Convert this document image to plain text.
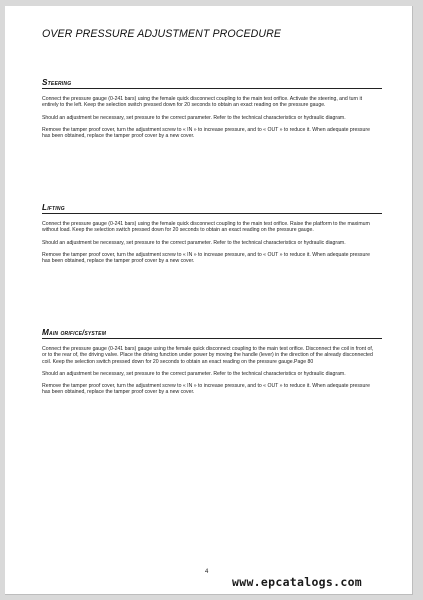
OVER PRESSURE ADJUSTMENT PROCEDURE
Steering

Connect the pressure gauge (0-241 bars) using the female quick disconnect coupling to the main test orifice. Activate the steering, and turn it entirely to the left. Keep the selection switch pressed down for 20 seconds to obtain an exact reading on the pressure gauge.

Should an adjustment be necessary, set pressure to the correct parameter. Refer to the technical characteristics or hydraulic diagram.

Remove the tamper proof cover, turn the adjustment screw to « IN » to increase pressure, and to « OUT » to reduce it. When adequate pressure has been obtained, replace the tamper proof cover by a new cover.

Lifting

Connect the pressure gauge (0-241 bars) using the female quick disconnect coupling to the main test orifice. Raise the platform to the maximum without load. Keep the selection switch pressed down for 20 seconds to obtain an exact reading on the pressure gauge.

Should an adjustment be necessary, set pressure to the correct parameter. Refer to the technical characteristics or hydraulic diagram.

Remove the tamper proof cover, turn the adjustment screw to « IN » to increase pressure, and to « OUT » to reduce it. When adequate pressure has been obtained, replace the tamper proof cover by a new cover.

Main orifice/system

Connect the pressure gauge (0-241 bars) gauge using the female quick disconnect coupling to the main test orifice. Disconnect the coil in front of, or to the rear of, the driving valve. Place the driving function under power by moving the handle (lever) in the direction of the already disconnected coil. Keep the selection switch pressed down for 20 seconds to obtain an exact reading on the pressure gauge.Page 80

Should an adjustment be necessary, set pressure to the correct parameter. Refer to the technical characteristics or hydraulic diagram.

Remove the tamper proof cover, turn the adjustment screw to « IN » to increase pressure, and to « OUT » to reduce it. When adequate pressure has been obtained, replace the tamper proof cover by a new cover.

4

www.epcatalogs.com
